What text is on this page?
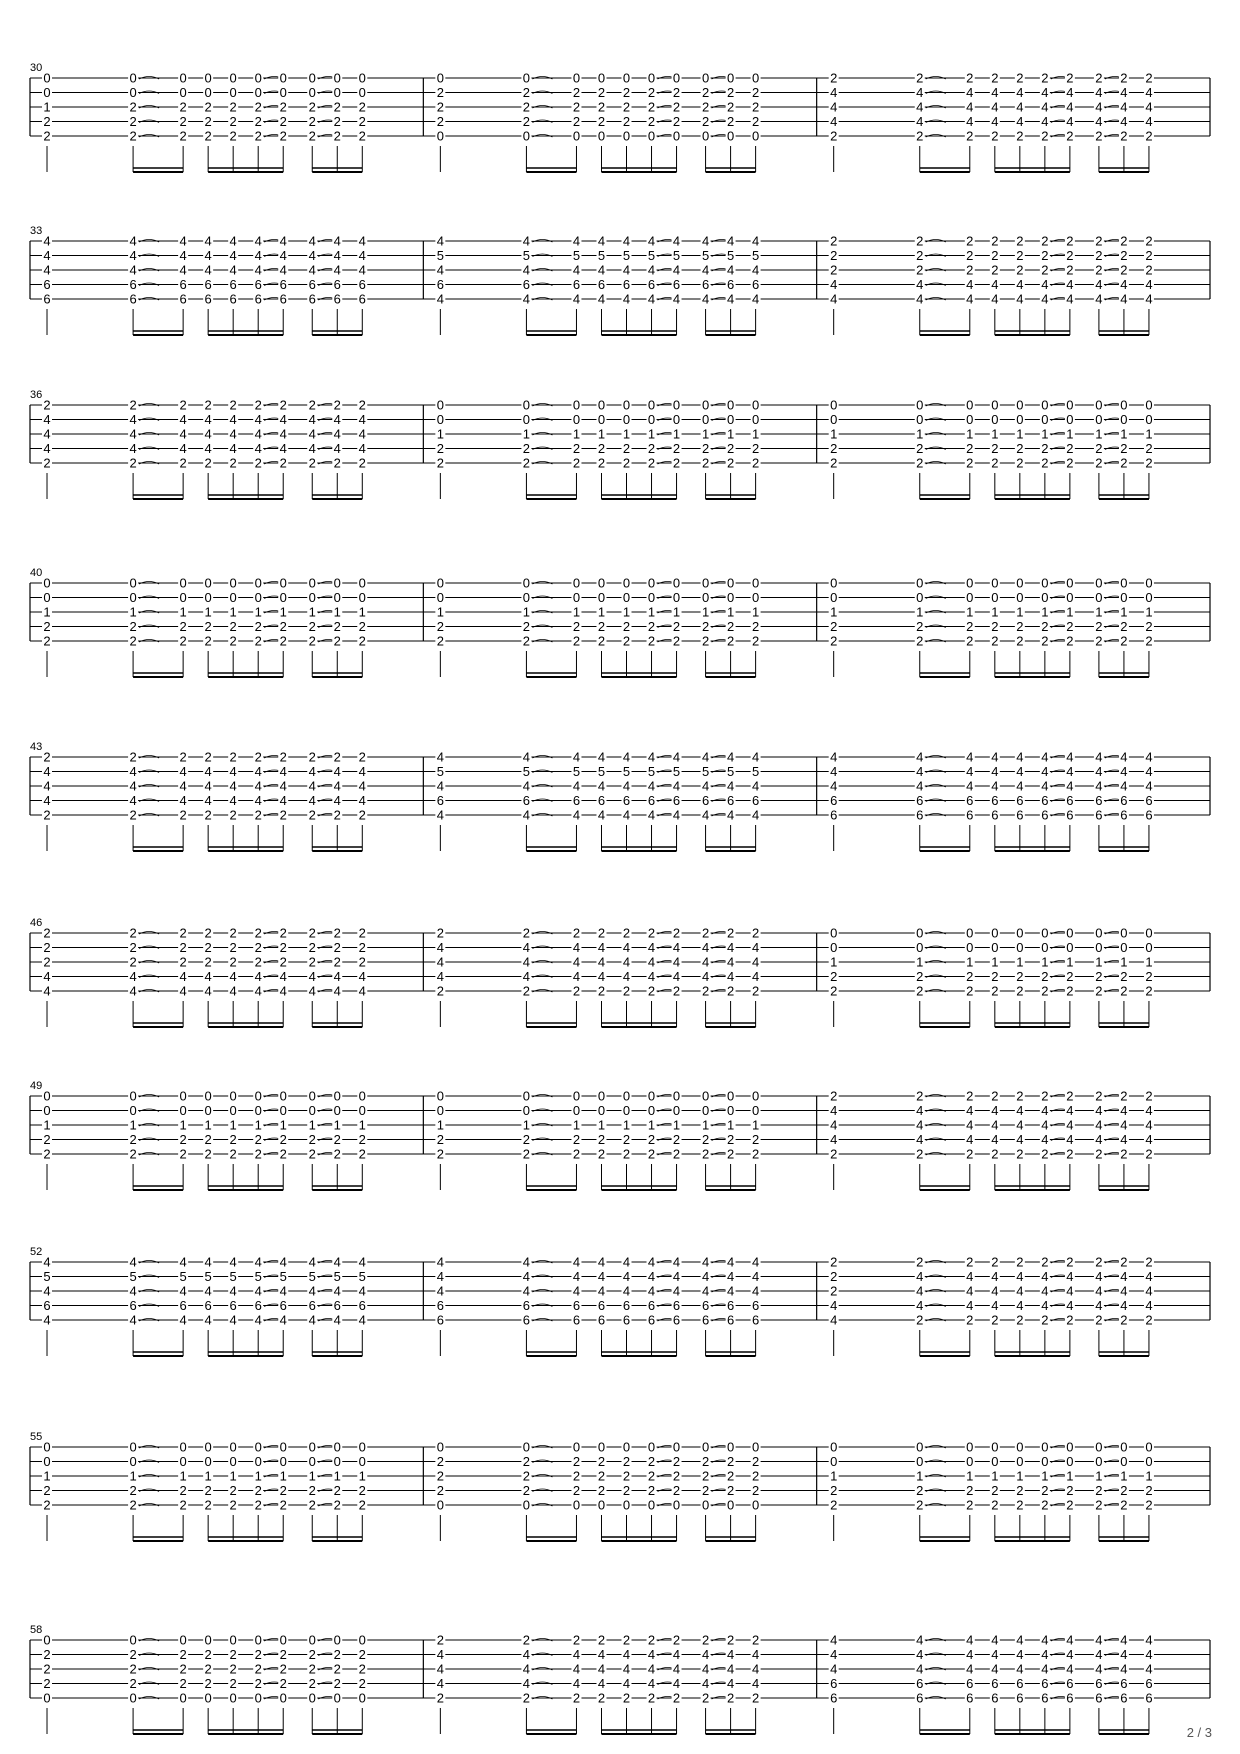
30
0
0
1
2
2
0
0
2
2
2
0
0
2
2
2
0
0
2
2
2
0
0
2
2
2
0
0
2
2
2
0
0
2
2
2
0
0
2
2
2
0
0
2
2
2
0
0
2
2
2
0
2
2
2
0
0
2
2
2
0
0
2
2
2
0
0
2
2
2
0
0
2
2
2
0
0
2
2
2
0
0
2
2
2
0
0
2
2
2
0
0
2
2
2
0
0
2
2
2
0
2
4
4
4
2
2
4
4
4
2
2
4
4
4
2
2
4
4
4
2
2
4
4
4
2
2
4
4
4
2
2
4
4
4
2
2
4
4
4
2
2
4
4
4
2
2
4
4
4
2
33
4
4
4
6
6
4
4
4
6
6
4
4
4
6
6
4
4
4
6
6
4
4
4
6
6
4
4
4
6
6
4
4
4
6
6
4
4
4
6
6
4
4
4
6
6
4
4
4
6
6
4
5
4
6
4
4
5
4
6
4
4
5
4
6
4
4
5
4
6
4
4
5
4
6
4
4
5
4
6
4
4
5
4
6
4
4
5
4
6
4
4
5
4
6
4
4
5
4
6
4
2
2
2
4
4
2
2
2
4
4
2
2
2
4
4
2
2
2
4
4
2
2
2
4
4
2
2
2
4
4
2
2
2
4
4
2
2
2
4
4
2
2
2
4
4
2
2
2
4
4
36
2
4
4
4
2
2
4
4
4
2
2
4
4
4
2
2
4
4
4
2
2
4
4
4
2
2
4
4
4
2
2
4
4
4
2
2
4
4
4
2
2
4
4
4
2
2
4
4
4
2
0
0
1
2
2
0
0
1
2
2
0
0
1
2
2
0
0
1
2
2
0
0
1
2
2
0
0
1
2
2
0
0
1
2
2
0
0
1
2
2
0
0
1
2
2
0
0
1
2
2
0
0
1
2
2
0
0
1
2
2
0
0
1
2
2
0
0
1
2
2
0
0
1
2
2
0
0
1
2
2
0
0
1
2
2
0
0
1
2
2
0
0
1
2
2
0
0
1
2
2
40
0
0
1
2
2
0
0
1
2
2
0
0
1
2
2
0
0
1
2
2
0
0
1
2
2
0
0
1
2
2
0
0
1
2
2
0
0
1
2
2
0
0
1
2
2
0
0
1
2
2
0
0
1
2
2
0
0
1
2
2
0
0
1
2
2
0
0
1
2
2
0
0
1
2
2
0
0
1
2
2
0
0
1
2
2
0
0
1
2
2
0
0
1
2
2
0
0
1
2
2
0
0
1
2
2
0
0
1
2
2
0
0
1
2
2
0
0
1
2
2
0
0
1
2
2
0
0
1
2
2
0
0
1
2
2
0
0
1
2
2
0
0
1
2
2
0
0
1
2
2
43
2
4
4
4
2
2
4
4
4
2
2
4
4
4
2
2
4
4
4
2
2
4
4
4
2
2
4
4
4
2
2
4
4
4
2
2
4
4
4
2
2
4
4
4
2
2
4
4
4
2
4
5
4
6
4
4
5
4
6
4
4
5
4
6
4
4
5
4
6
4
4
5
4
6
4
4
5
4
6
4
4
5
4
6
4
4
5
4
6
4
4
5
4
6
4
4
5
4
6
4
4
4
4
6
6
4
4
4
6
6
4
4
4
6
6
4
4
4
6
6
4
4
4
6
6
4
4
4
6
6
4
4
4
6
6
4
4
4
6
6
4
4
4
6
6
4
4
4
6
6
46
2
2
2
4
4
2
2
2
4
4
2
2
2
4
4
2
2
2
4
4
2
2
2
4
4
2
2
2
4
4
2
2
2
4
4
2
2
2
4
4
2
2
2
4
4
2
2
2
4
4
2
4
4
4
2
2
4
4
4
2
2
4
4
4
2
2
4
4
4
2
2
4
4
4
2
2
4
4
4
2
2
4
4
4
2
2
4
4
4
2
2
4
4
4
2
2
4
4
4
2
0
0
1
2
2
0
0
1
2
2
0
0
1
2
2
0
0
1
2
2
0
0
1
2
2
0
0
1
2
2
0
0
1
2
2
0
0
1
2
2
0
0
1
2
2
0
0
1
2
2
49
0
0
1
2
2
0
0
1
2
2
0
0
1
2
2
0
0
1
2
2
0
0
1
2
2
0
0
1
2
2
0
0
1
2
2
0
0
1
2
2
0
0
1
2
2
0
0
1
2
2
0
0
1
2
2
0
0
1
2
2
0
0
1
2
2
0
0
1
2
2
0
0
1
2
2
0
0
1
2
2
0
0
1
2
2
0
0
1
2
2
0
0
1
2
2
0
0
1
2
2
2
4
4
4
2
2
4
4
4
2
2
4
4
4
2
2
4
4
4
2
2
4
4
4
2
2
4
4
4
2
2
4
4
4
2
2
4
4
4
2
2
4
4
4
2
2
4
4
4
2
52
4
5
4
6
4
4
5
4
6
4
4
5
4
6
4
4
5
4
6
4
4
5
4
6
4
4
5
4
6
4
4
5
4
6
4
4
5
4
6
4
4
5
4
6
4
4
5
4
6
4
4
4
4
6
6
4
4
4
6
6
4
4
4
6
6
4
4
4
6
6
4
4
4
6
6
4
4
4
6
6
4
4
4
6
6
4
4
4
6
6
4
4
4
6
6
4
4
4
6
6
2
2
2
4
4
2
4
4
4
2
2
4
4
4
2
2
4
4
4
2
2
4
4
4
2
2
4
4
4
2
2
4
4
4
2
2
4
4
4
2
2
4
4
4
2
2
4
4
4
2
55
0
0
1
2
2
0
0
1
2
2
0
0
1
2
2
0
0
1
2
2
0
0
1
2
2
0
0
1
2
2
0
0
1
2
2
0
0
1
2
2
0
0
1
2
2
0
0
1
2
2
0
2
2
2
0
0
2
2
2
0
0
2
2
2
0
0
2
2
2
0
0
2
2
2
0
0
2
2
2
0
0
2
2
2
0
0
2
2
2
0
0
2
2
2
0
0
2
2
2
0
0
0
1
2
2
0
0
1
2
2
0
0
1
2
2
0
0
1
2
2
0
0
1
2
2
0
0
1
2
2
0
0
1
2
2
0
0
1
2
2
0
0
1
2
2
0
0
1
2
2
58
0
2
2
2
0
0
2
2
2
0
0
2
2
2
0
0
2
2
2
0
0
2
2
2
0
0
2
2
2
0
0
2
2
2
0
0
2
2
2
0
0
2
2
2
0
0
2
2
2
0
2
4
4
4
2
2
4
4
4
2
2
4
4
4
2
2
4
4
4
2
2
4
4
4
2
2
4
4
4
2
2
4
4
4
2
2
4
4
4
2
2
4
4
4
2
2
4
4
4
2
4
4
4
6
6
4
4
4
6
6
4
4
4
6
6
4
4
4
6
6
4
4
4
6
6
4
4
4
6
6
4
4
4
6
6
4
4
4
6
6
4
4
4
6
6
4
4
4
6
6
2 / 3
